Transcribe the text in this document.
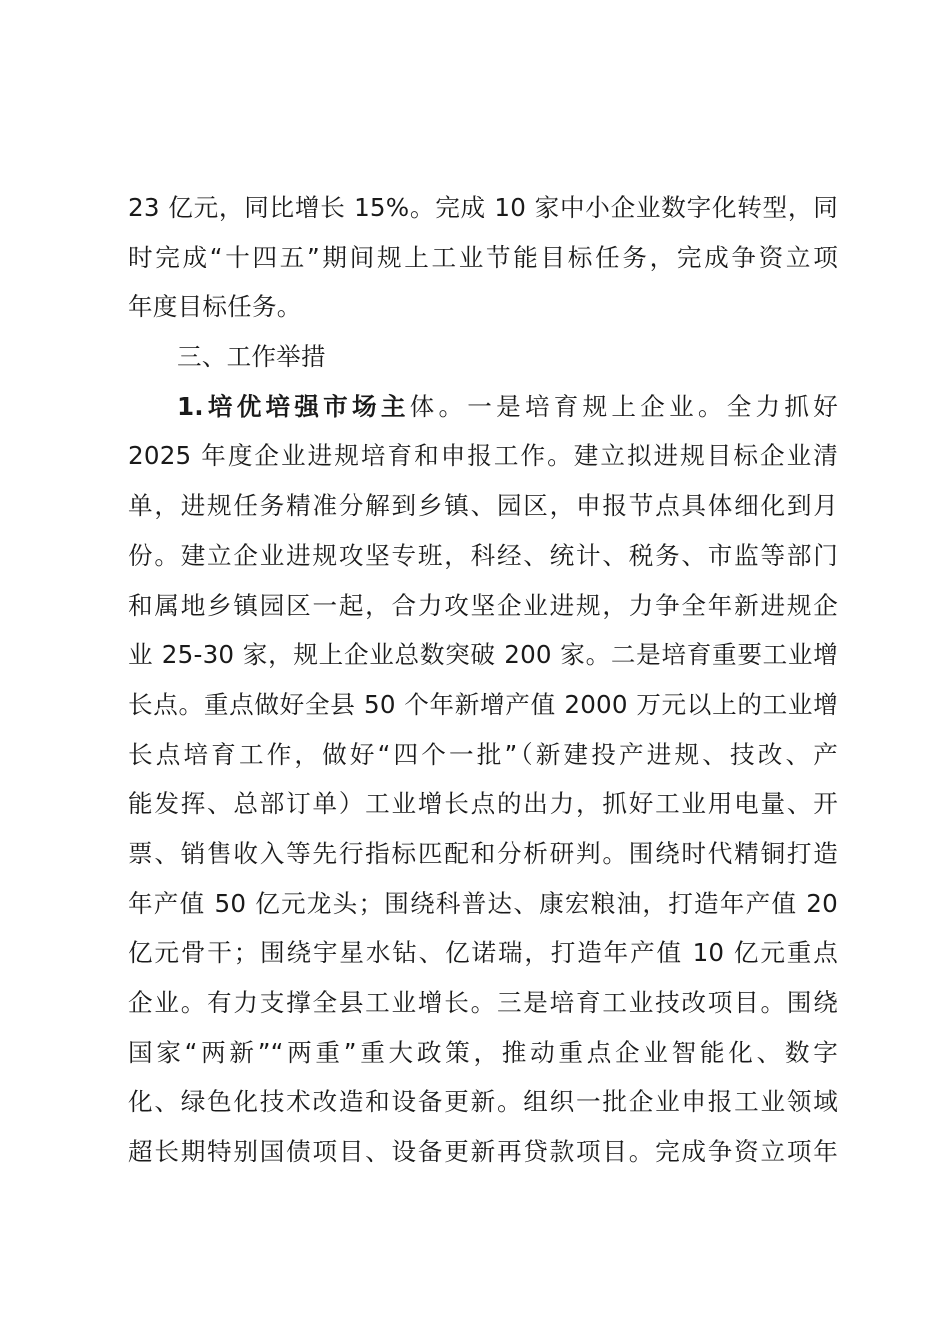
23 亿元，同比增长 15%。完成 10 家中小企业数字化转型，同
时完成“十四五”期间规上工业节能目标任务，完成争资立项
年度目标任务。
三、工作举措
1.培优培强市场主体。一是培育规上企业。全力抓好
2025 年度企业进规培育和申报工作。建立拟进规目标企业清
单，进规任务精准分解到乡镇、园区，申报节点具体细化到月
份。建立企业进规攻坚专班，科经、统计、税务、市监等部门
和属地乡镇园区一起，合力攻坚企业进规，力争全年新进规企
业 25-30 家，规上企业总数突破 200 家。二是培育重要工业增
长点。重点做好全县 50 个年新增产值 2000 万元以上的工业增
长点培育工作，做好“四个一批”（新建投产进规、技改、产
能发挥、总部订单）工业增长点的出力，抓好工业用电量、开
票、销售收入等先行指标匹配和分析研判。围绕时代精铜打造
年产值 50 亿元龙头；围绕科普达、康宏粮油，打造年产值 20
亿元骨干；围绕宇星水钻、亿诺瑞，打造年产值 10 亿元重点
企业。有力支撑全县工业增长。三是培育工业技改项目。围绕
国家“两新”“两重”重大政策，推动重点企业智能化、数字
化、绿色化技术改造和设备更新。组织一批企业申报工业领域
超长期特别国债项目、设备更新再贷款项目。完成争资立项年
